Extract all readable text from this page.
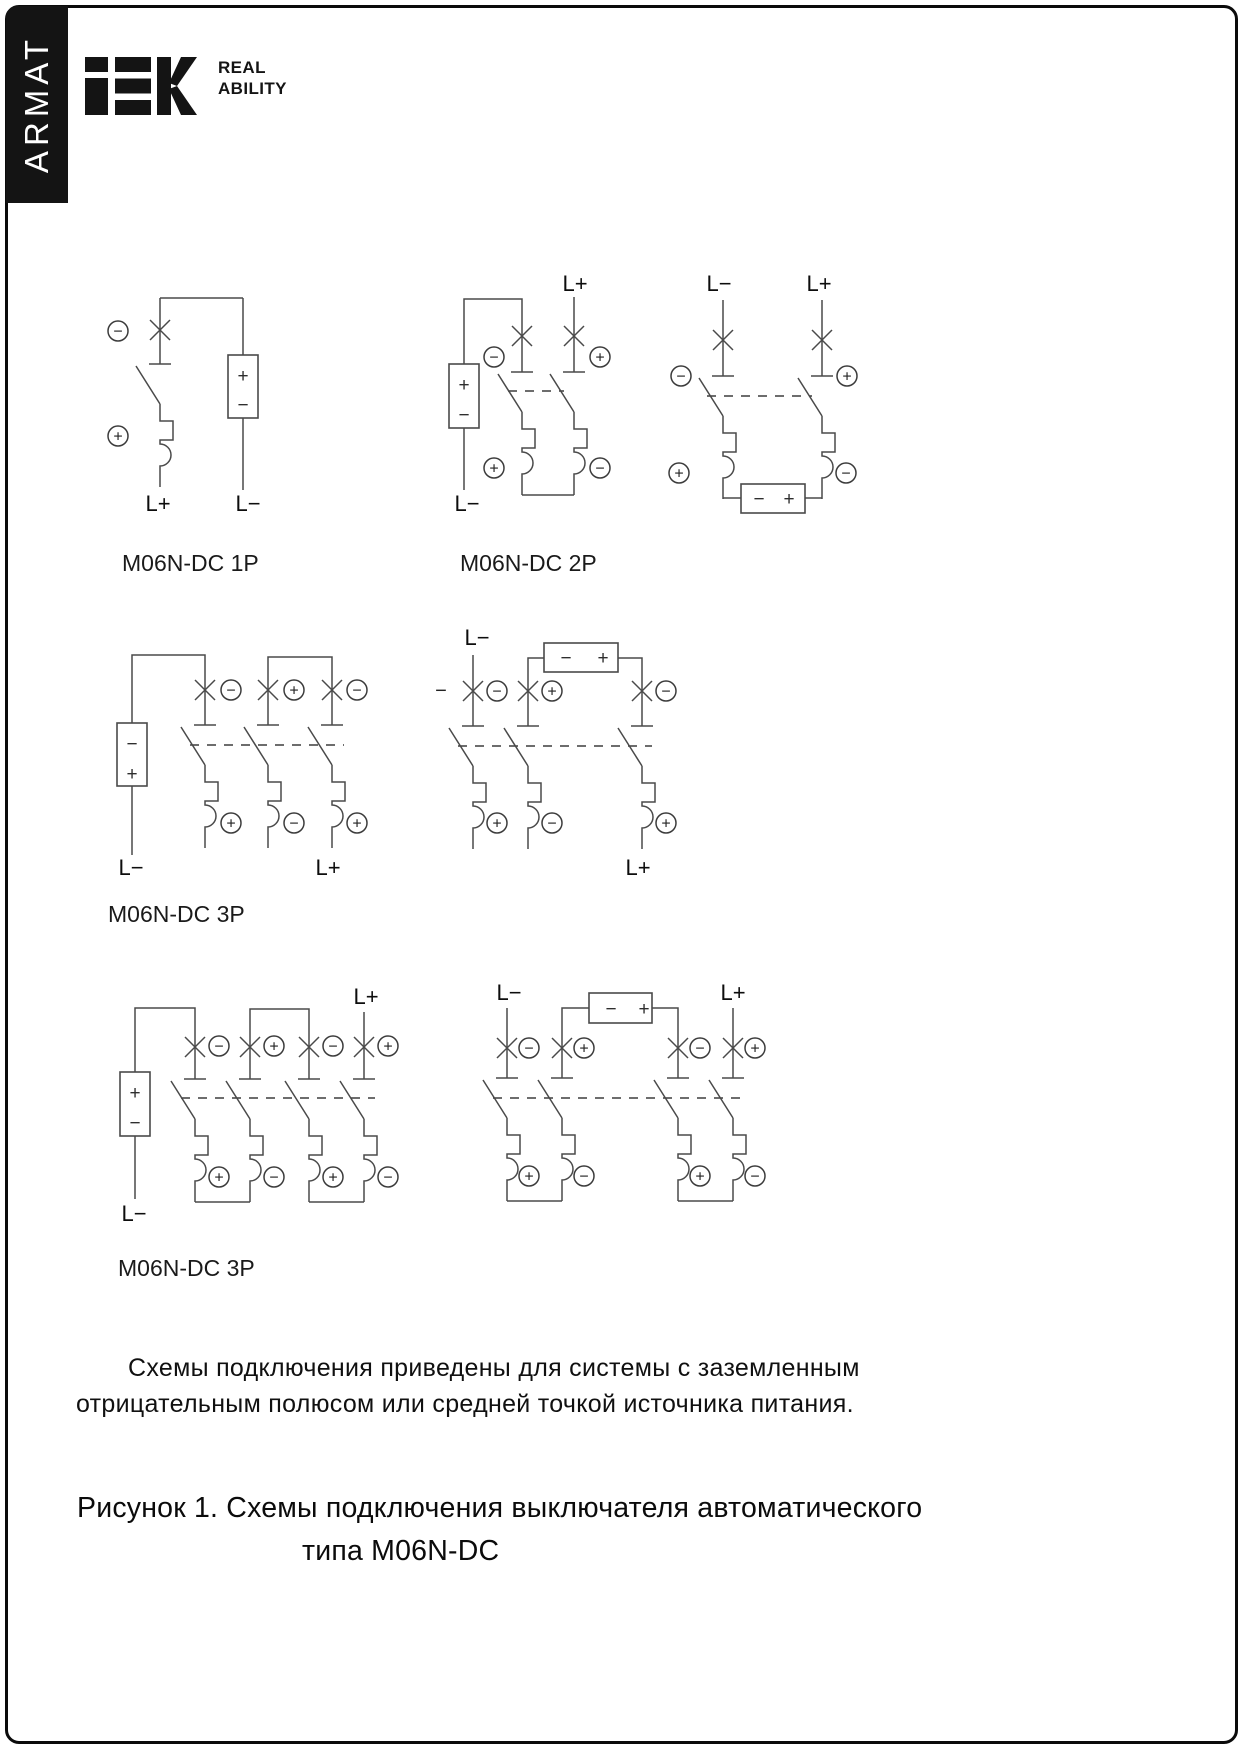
ARMAT	REAL
ABILITY
−
+
+
−
L+	L−
M06N-DC 1P
−	+
+	−
+
−
L+
L−
M06N-DC 2P
−	+
+	−
− +
L−	L+
−	+	−
+	−	+
−
+
L−	L+
M06N-DC 3P
−	−	+	−
+	−	+
− +
L−
L+
−	+	−	+
+	−	+	−
+
−
L+
L−
M06N-DC 3P
−	+	−	+
+	−	+	−
− +
L−	L+
Схемы подключения приведены для системы с заземленным
отрицательным полюсом или средней точкой источника питания.
Рисунок 1. Схемы подключения выключателя автоматического
типа M06N-DC
